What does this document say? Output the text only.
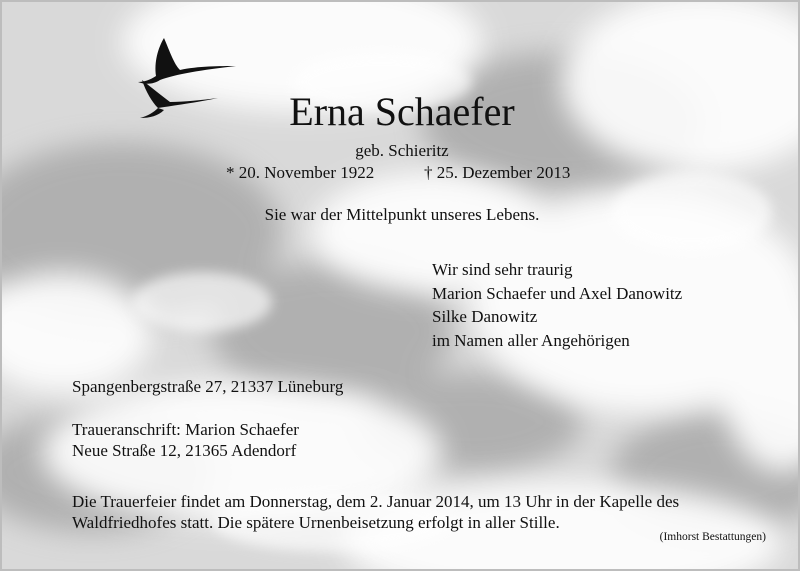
Erna Schaefer
geb. Schieritz
* 20. November 1922	† 25. Dezember 2013
Sie war der Mittelpunkt unseres Lebens.
Wir sind sehr traurig
Marion Schaefer und Axel Danowitz
Silke Danowitz
im Namen aller Angehörigen
Spangenbergstraße 27, 21337 Lüneburg
Traueranschrift: Marion Schaefer
Neue Straße 12, 21365 Adendorf
Die Trauerfeier findet am Donnerstag, dem 2. Januar 2014, um 13 Uhr in der Kapelle des
Waldfriedhofes statt. Die spätere Urnenbeisetzung erfolgt in aller Stille.
(Imhorst Bestattungen)
